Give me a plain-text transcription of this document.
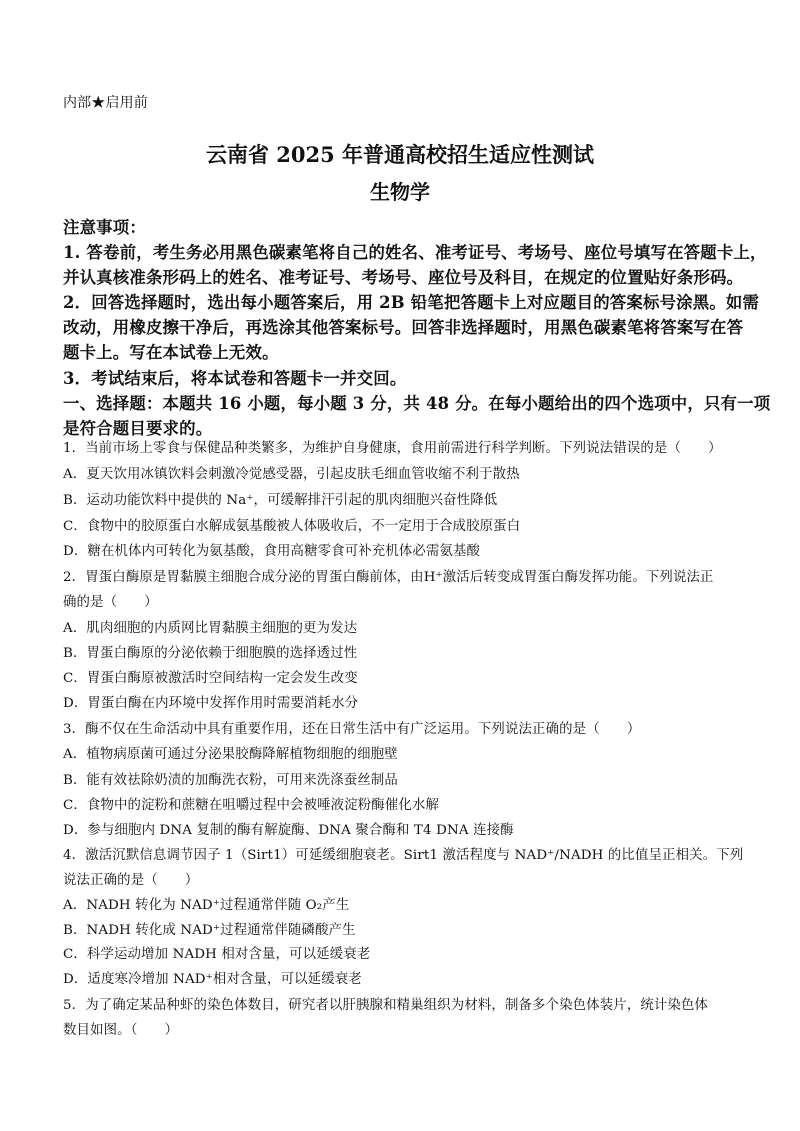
内部★启用前
云南省 2025 年普通高校招生适应性测试
生物学
注意事项：
1. 答卷前，考生务必用黑色碳素笔将自己的姓名、准考证号、考场号、座位号填写在答题卡上，
并认真核准条形码上的姓名、准考证号、考场号、座位号及科目，在规定的位置贴好条形码。
2．回答选择题时，选出每小题答案后，用 2B 铅笔把答题卡上对应题目的答案标号涂黑。如需
改动，用橡皮擦干净后，再选涂其他答案标号。回答非选择题时，用黑色碳素笔将答案写在答
题卡上。写在本试卷上无效。
3．考试结束后，将本试卷和答题卡一并交回。
一、选择题：本题共 16 小题，每小题 3 分，共 48 分。在每小题给出的四个选项中，只有一项
是符合题目要求的。
1．当前市场上零食与保健品种类繁多，为维护自身健康，食用前需进行科学判断。下列说法错误的是（　　）
A．夏天饮用冰镇饮料会刺激冷觉感受器，引起皮肤毛细血管收缩不利于散热
B．运动功能饮料中提供的 Na⁺，可缓解排汗引起的肌肉细胞兴奋性降低
C．食物中的胶原蛋白水解成氨基酸被人体吸收后，不一定用于合成胶原蛋白
D．糖在机体内可转化为氨基酸，食用高糖零食可补充机体必需氨基酸
2．胃蛋白酶原是胃黏膜主细胞合成分泌的胃蛋白酶前体，由H⁺激活后转变成胃蛋白酶发挥功能。下列说法正
确的是（　　）
A．肌肉细胞的内质网比胃黏膜主细胞的更为发达
B．胃蛋白酶原的分泌依赖于细胞膜的选择透过性
C．胃蛋白酶原被激活时空间结构一定会发生改变
D．胃蛋白酶在内环境中发挥作用时需要消耗水分
3．酶不仅在生命活动中具有重要作用，还在日常生活中有广泛运用。下列说法正确的是（　　）
A．植物病原菌可通过分泌果胶酶降解植物细胞的细胞壁
B．能有效祛除奶渍的加酶洗衣粉，可用来洗涤蚕丝制品
C．食物中的淀粉和蔗糖在咀嚼过程中会被唾液淀粉酶催化水解
D．参与细胞内 DNA 复制的酶有解旋酶、DNA 聚合酶和 T4 DNA 连接酶
4．激活沉默信息调节因子 1（Sirt1）可延缓细胞衰老。Sirt1 激活程度与 NAD⁺/NADH 的比值呈正相关。下列
说法正确的是（　　）
A．NADH 转化为 NAD⁺过程通常伴随 O₂产生
B．NADH 转化成 NAD⁺过程通常伴随磷酸产生
C．科学运动增加 NADH 相对含量，可以延缓衰老
D．适度寒冷增加 NAD⁺相对含量，可以延缓衰老
5．为了确定某品种虾的染色体数目，研究者以肝胰腺和精巢组织为材料，制备多个染色体装片，统计染色体
数目如图。（　　）
